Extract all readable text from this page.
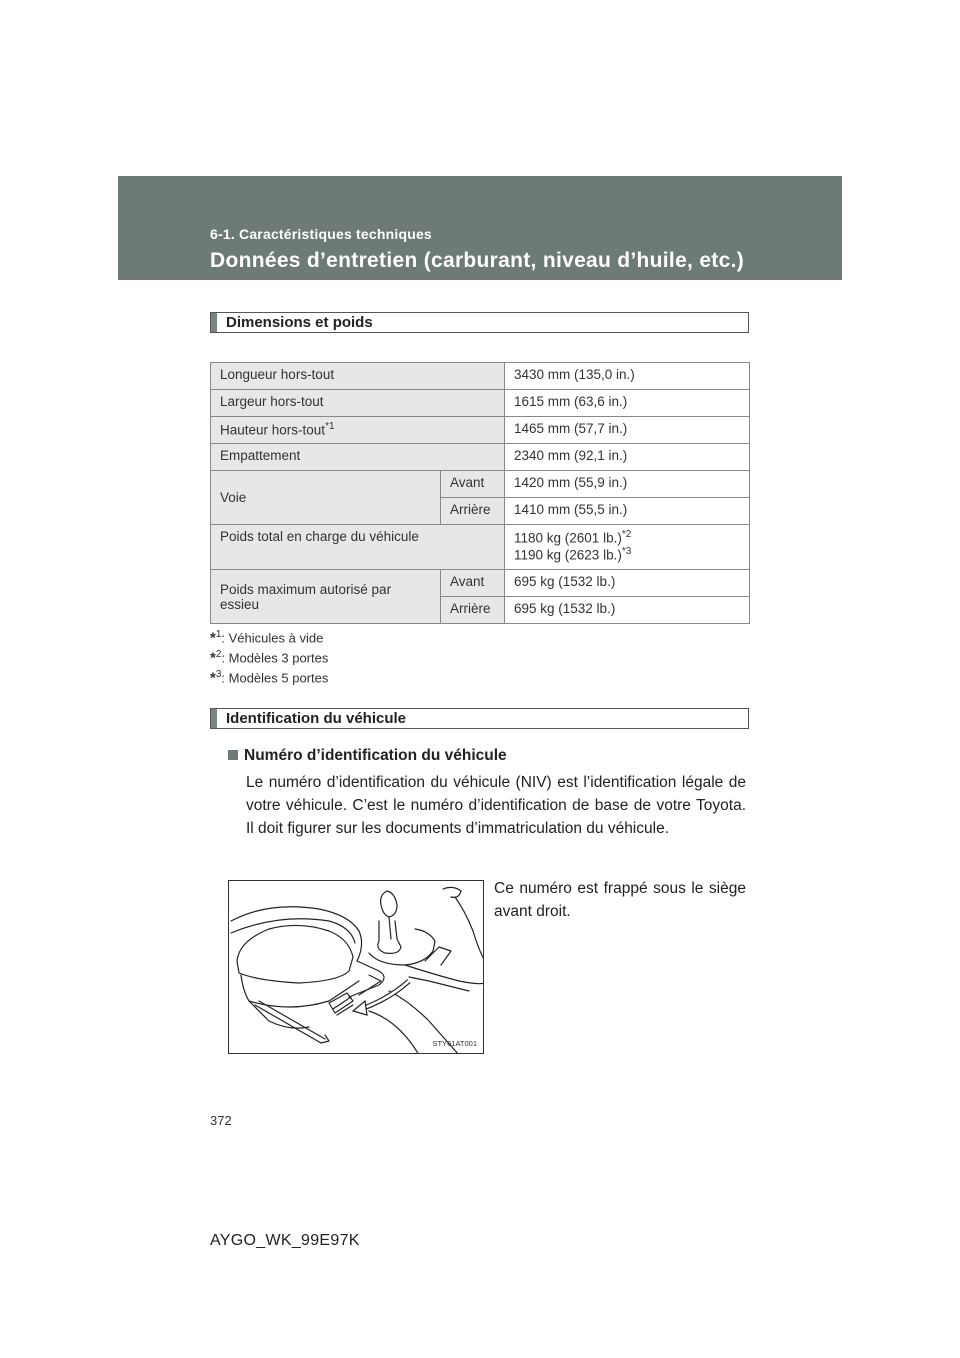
6-1. Caractéristiques techniques
Données d’entretien (carburant, niveau d’huile, etc.)
Dimensions et poids
Longueur hors-tout		3430 mm (135,0 in.)
Largeur hors-tout		1615 mm (63,6 in.)
Hauteur hors-tout$^{*1}$		1465 mm (57,7 in.)
Empattement		2340 mm (92,1 in.)
Voie	Avant	1420 mm (55,9 in.)
	Arrière	1410 mm (55,5 in.)
Poids total en charge du véhicule		1180 kg (2601 lb.)$^{*2}$
1190 kg (2623 lb.)$^{*3}$
Poids maximum autorisé par essieu	Avant	695 kg (1532 lb.)
	Arrière	695 kg (1532 lb.)
*$^1$: Véhicules à vide
*$^2$: Modèles 3 portes
*$^3$: Modèles 5 portes
Identification du véhicule
Numéro d’identification du véhicule
Le numéro d’identification du véhicule (NIV) est l’identification légale de votre véhicule. C’est le numéro d’identification de base de votre Toyota. Il doit figurer sur les documents d’immatriculation du véhicule.
Ce numéro est frappé sous le siège avant droit.
STY61AT001
372
AYGO_WK_99E97K
